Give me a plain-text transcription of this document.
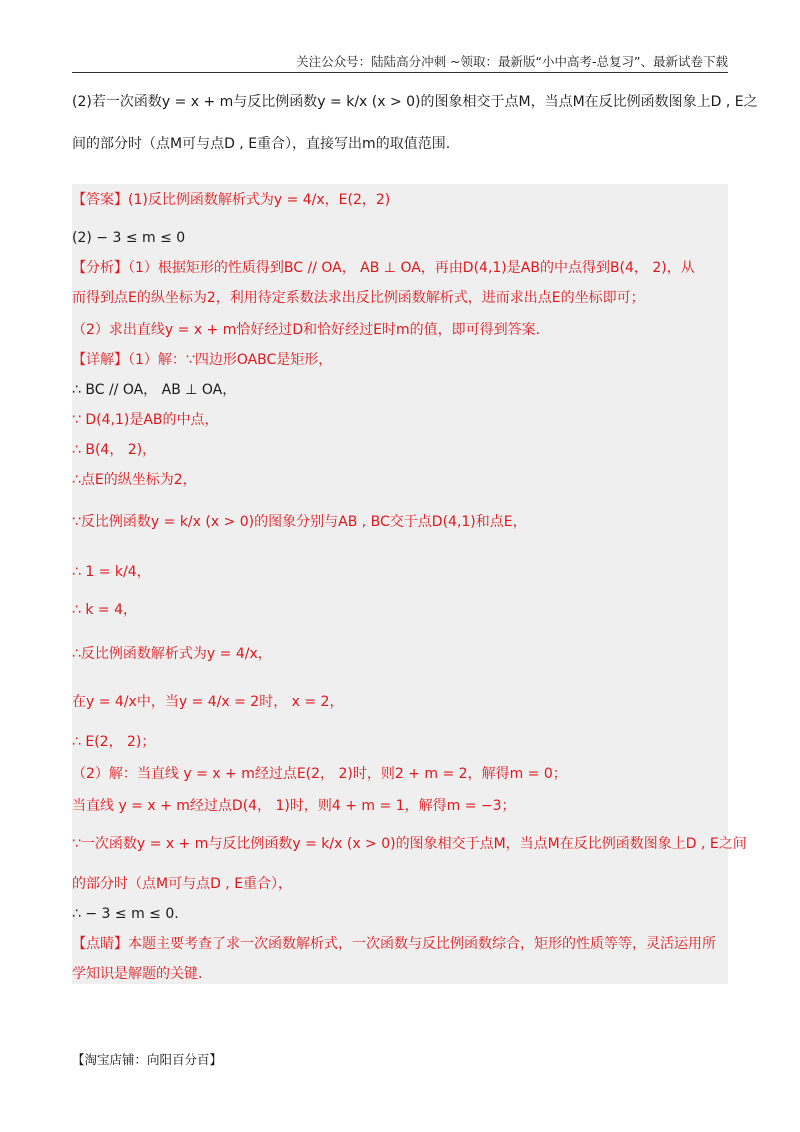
关注公众号：陆陆高分冲刺 ~领取：最新版“小中高考-总复习”、最新试卷下载
(2)若一次函数y = x + m与反比例函数y = k/x (x > 0)的图象相交于点M，当点M在反比例函数图象上D , E之
间的部分时（点M可与点D , E重合），直接写出m的取值范围.
【答案】(1)反比例函数解析式为y = 4/x，E(2，2)
(2) − 3 ≤ m ≤ 0
【分析】（1）根据矩形的性质得到BC // OA， AB ⊥ OA，再由D(4,1)是AB的中点得到B(4， 2)，从
而得到点E的纵坐标为2，利用待定系数法求出反比例函数解析式，进而求出点E的坐标即可；
（2）求出直线y = x + m恰好经过D和恰好经过E时m的值，即可得到答案.
【详解】（1）解：∵四边形OABC是矩形，
∴ BC // OA， AB ⊥ OA，
∵ D(4,1)是AB的中点，
∴ B(4， 2)，
∴点E的纵坐标为2，
∵反比例函数y = k/x (x > 0)的图象分别与AB , BC交于点D(4,1)和点E，
∴ 1 = k/4，
∴ k = 4，
∴反比例函数解析式为y = 4/x，
在y = 4/x中，当y = 4/x = 2时， x = 2，
∴ E(2， 2)；
（2）解：当直线 y = x + m经过点E(2， 2)时，则2 + m = 2，解得m = 0；
当直线 y = x + m经过点D(4， 1)时，则4 + m = 1，解得m = −3；
∵一次函数y = x + m与反比例函数y = k/x (x > 0)的图象相交于点M，当点M在反比例函数图象上D , E之间
的部分时（点M可与点D , E重合），
∴ − 3 ≤ m ≤ 0.
【点睛】本题主要考查了求一次函数解析式，一次函数与反比例函数综合，矩形的性质等等，灵活运用所
学知识是解题的关键.
【淘宝店铺：向阳百分百】
